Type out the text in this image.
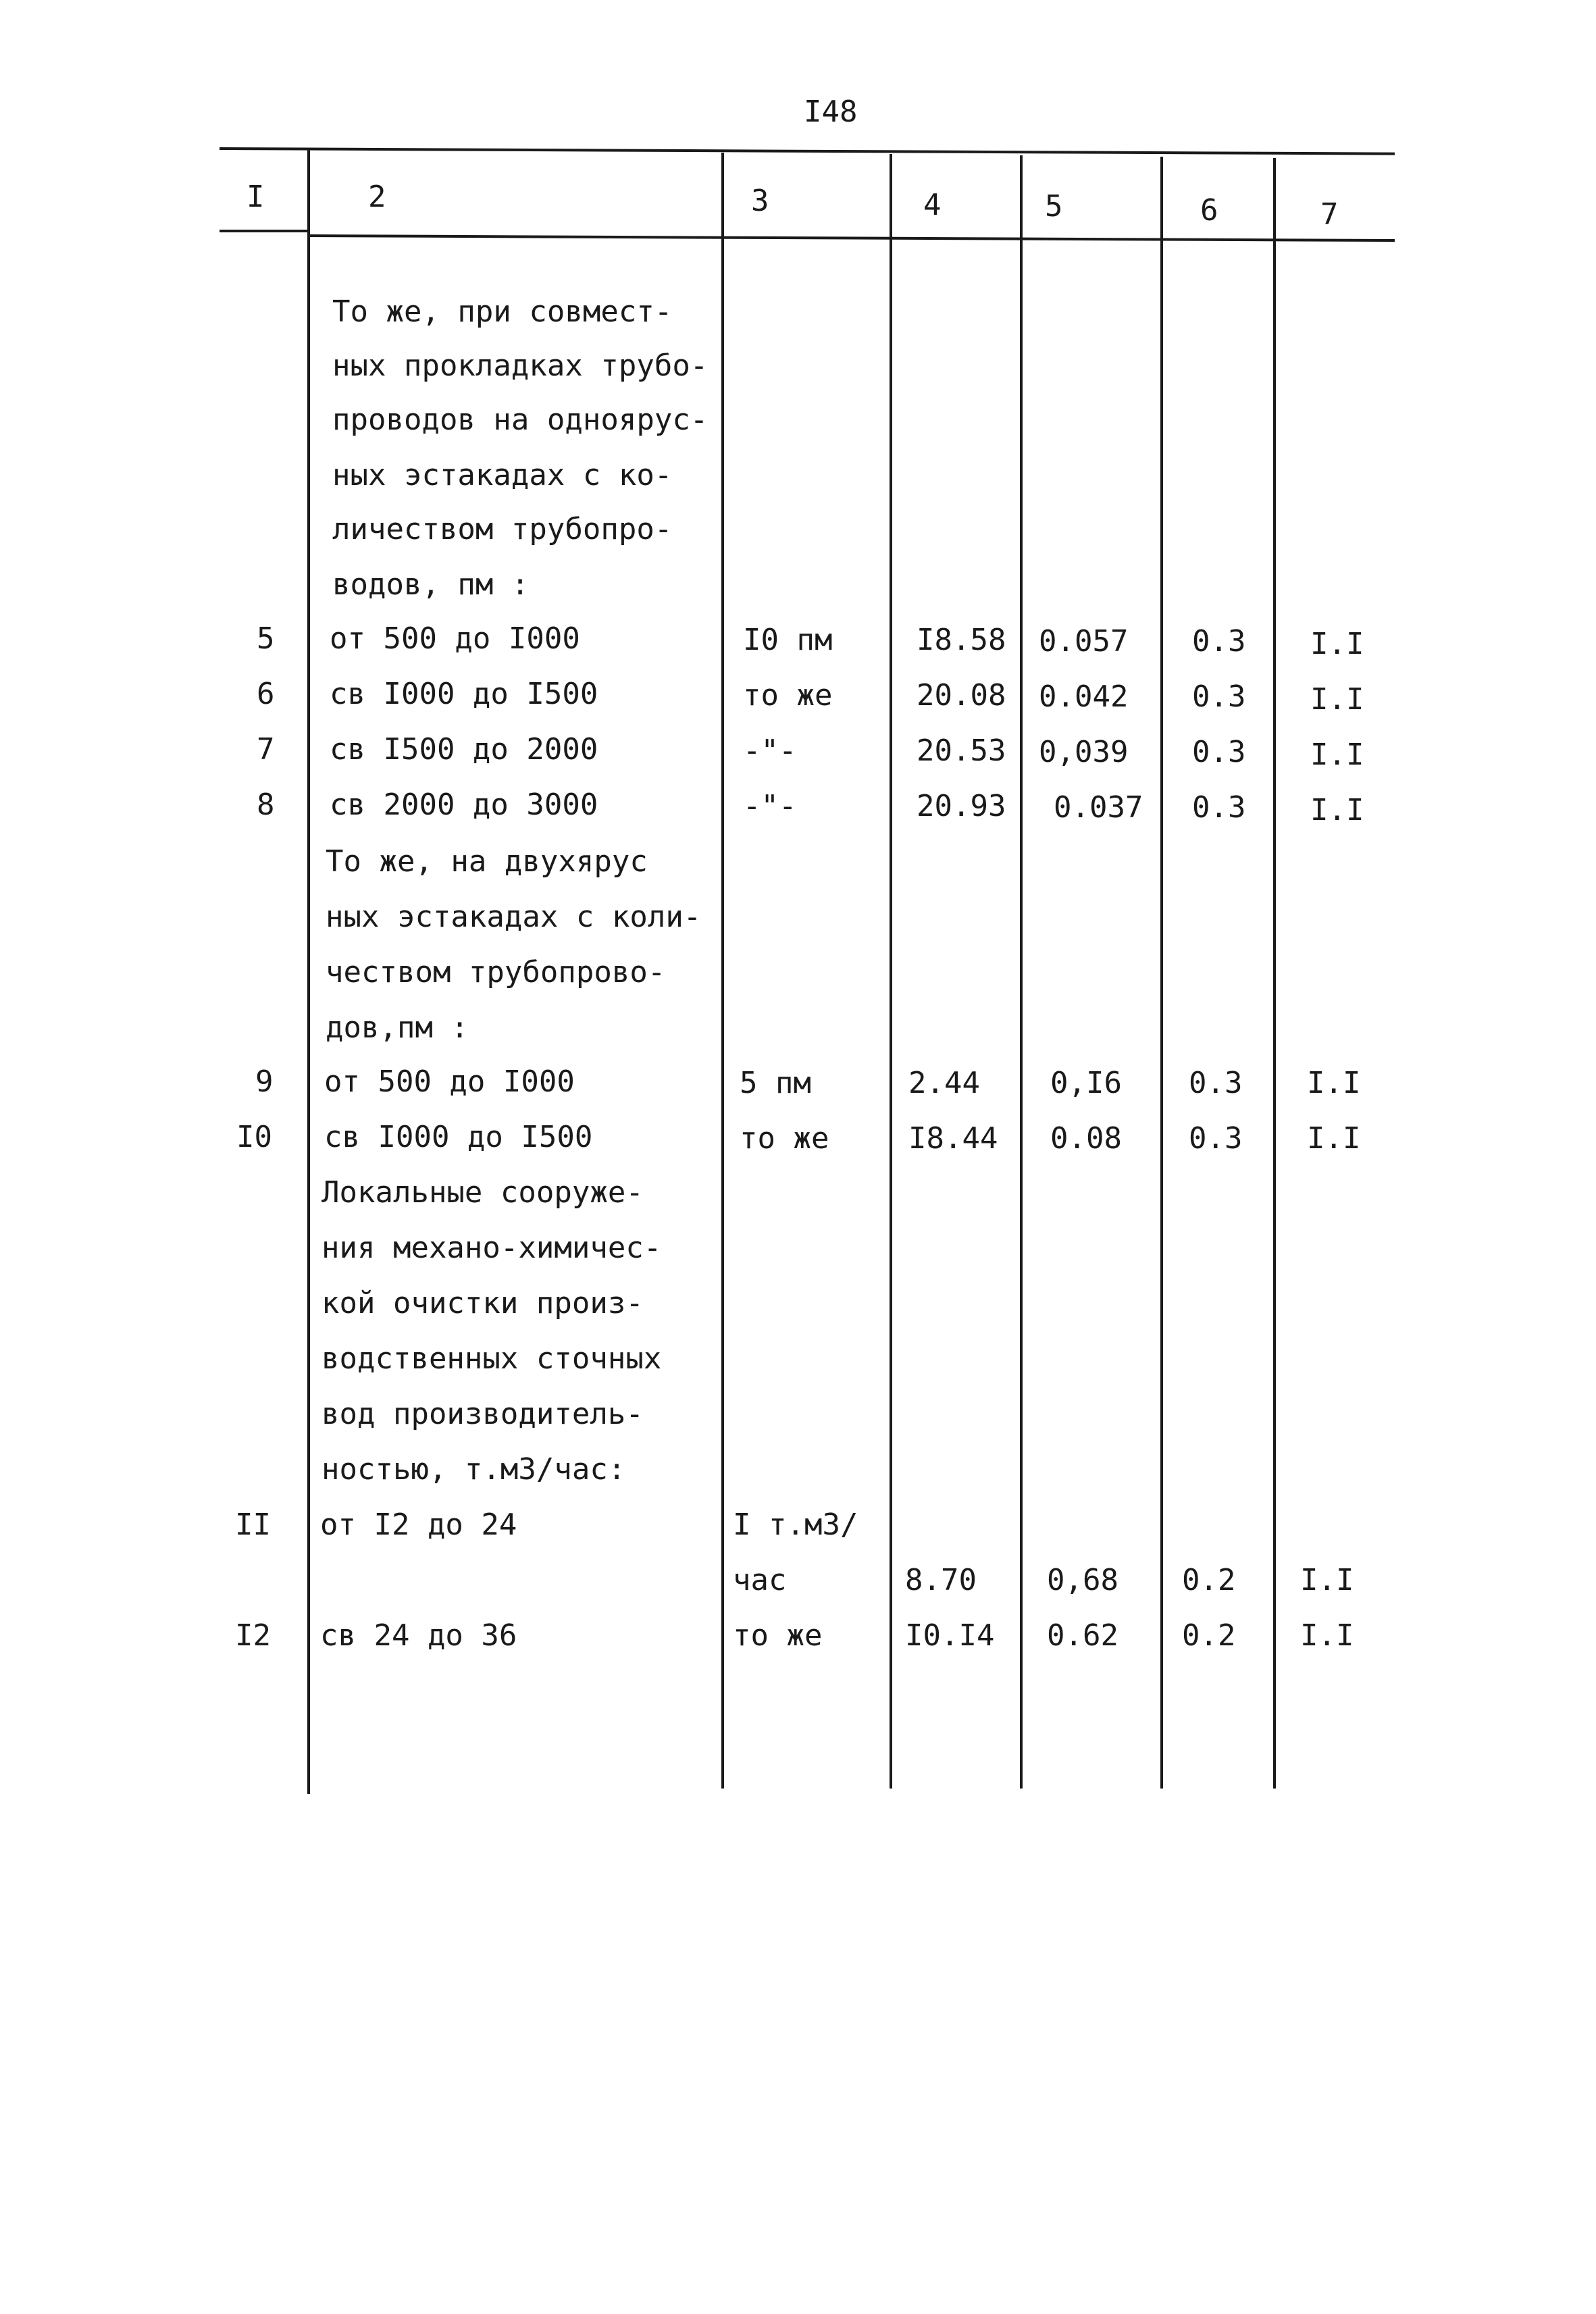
I48
I	2	3	4	5	6	7
То же, при совмест-
ных прокладках трубо-
проводов на одноярус-
ных эстакадах с ко-
личеством трубопро-
водов, пм :
5 от 500 до I000	I0 пм	I8.58 0.057 0.3 I.I
6 св I000 до I500	то же	20.08 0.042 0.3 I.I
7 св I500 до 2000	-"-	20.53 0,039 0.3 I.I
8 св 2000 до 3000	-"-	20.93 0.037 0.3 I.I
То же, на двухярус
ных эстакадах с коли-
чеством трубопрово-
дов,пм :
9 от 500 до I000	5 пм	2.44 0,I6 0.3 I.I
I0 св I000 до I500	то же	I8.44 0.08 0.3 I.I
Локальные сооруже-
ния механо-химичес-
кой очистки произ-
водственных сточных
вод производитель-
ностью, т.м3/час:
II от I2 до 24	I т.м3/
час	8.70 0,68 0.2 I.I
I2 св 24 до 36	то же	I0.I4 0.62 0.2 I.I
